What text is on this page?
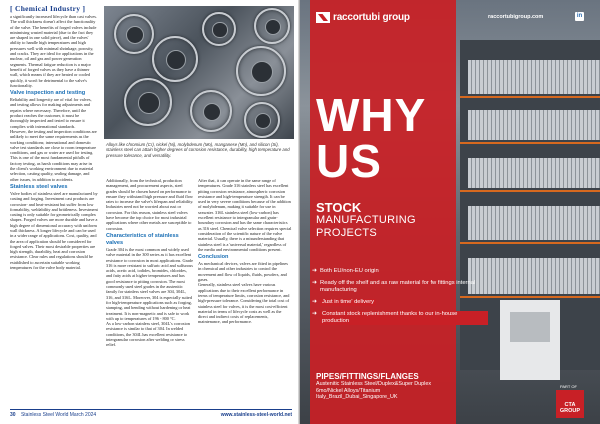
[ Chemical Industry ]

a significantly increased lifecycle than cast valves. The wall thickness doesn't affect the functionality of the valve. The benefits of forged valves include minimising wasted material (due to the fact they are shaped in one solid piece), and the valves' ability to handle high temperatures and high pressures well with minimal shrinkage, porosity, and cracks. They are ideal for applications in the nuclear, oil and gas and power generation segments. Thermal fatigue reduction is a major benefit of forged valves as they have a thinner wall, which means if they are heated or cooled quickly, it won't be detrimental to the valve's functionality.

Valve inspection and testing

Reliability and longevity are of vital for valves, and testing allows for making adjustments and repairs where necessary. Therefore, until the product reaches the customer, it must be thoroughly inspected and tested to ensure it complies with international standards.

However, the testing and inspection conditions are unlikely to meet the same requirements as the working conditions; international and domestic valve test standards are close to room temperature conditions, and gas or water are used for testing. This is one of the most fundamental pitfalls of factory testing, as harsh conditions may arise in the client's working environment due to material selection, casting quality, sealing damage, and other issues, in addition to accidents.

Stainless steel valves

Valve bodies of stainless steel are manufactured by casting and forging. Investment cast products are corrosion- and heat-resistant but suffer from low formability, weldability and brittleness. Investment casting is only suitable for geometrically complex shapes. Forged valves are more durable and have a high degree of dimensional accuracy with uniform wall thickness. A longer lifecycle and can be used in a wider range of applications. Cost, quality, and the area of application should be considered for forged valves. Their most desirable properties are high strength, durability, heat and corrosion resistance. Clear rules and regulations should be established to ascertain suitable working temperatures for the valve body material.

Alloys like chromium (Cr), nickel (Ni), molybdenum (Mo), manganese (Mn), and silicon (Si), stainless steel can attain higher degrees of corrosion resistance, durability, high temperature and pressure tolerance, and versatility.

Additionally, from the technical, production management, and procurement aspects, steel grades should be chosen based on performance to ensure they withstand high pressure and fluid flow rates to increase the valve's lifespan and reliability. Industries need not be worried about rust or corrosion. For this reason, stainless steel valves have become the top choice for most industrial applications where other metals are susceptible to corrosion.

Characteristics of stainless valves

Grade 304 is the most common and widely used valve material in the 300 series as it has excellent resistance to corrosion in most applications. Grade 316 is more resistant to sulfuric acid and sulfurous acids, acetic acid, iodides, bromides, chlorides, and fatty acids at higher temperatures and has good resistance to pitting corrosion. The most commonly used steel grades in the austenitic family for stainless steel valves are 304, 304L, 316, and 316L. Moreover, 304 is especially suited for high-temperature applications such as forging, stamping, and bending without hardening or heat treatment. It is non-magnetic and is safe to work with up to temperatures of 196 - 800 °C.

As a low-carbon stainless steel, 304L's corrosion resistance is similar to that of 304. In welded conditions, the 304L has excellent resistance to intergranular corrosion after welding or stress relief.

After that, it can operate in the same range of temperatures. Grade 316 stainless steel has excellent pitting corrosion resistance, atmospheric corrosion resistance and high-temperature strength. It can be used in very severe conditions because of the addition of molybdenum, making it suitable for use in seawater. 316L stainless steel (low-carbon) has excellent resistance to intergranular and grain-boundary corrosion and has the same characteristics as 316 steel. Chemical valve selection requires special consideration of the scientific nature of the valve material. Usually, there is a misunderstanding that stainless steel is a 'universal material,' regardless of the media and environmental conditions present.

Conclusion

As mechanical devices, valves are fitted in pipelines in chemical and other industries to control the movement and flow of liquids, fluids, powders, and gases.

Generally, stainless steel valves have various applications due to their excellent performance in terms of temperature limits, corrosion resistance, and high-pressure tolerance. Considering the total cost of stainless steel for valves, it is the most cost-efficient material in terms of lifecycle costs as well as the direct and indirect costs of replacements, maintenance, and performance.

30 Stainless Steel World March 2024	www.stainless-steel-world.net
raccortubi group	raccortubigroup.com	in
WHY
US
STOCK
MANUFACTURING
PROJECTS
➜ Both EU/non-EU origin
➜ Ready off the shelf and as raw material for fw fittings internal manufacturing
➜ Just in time' delivery
➜ Constant stock replenishment thanks to our in-house production
PIPES/FITTINGS/FLANGES
Austenitic Stainless Steel/Duplex&Super Duplex
6mo/Nickel Alloys/Titanium
Italy_Brazil_Dubai_Singapore_UK
PART OF
CTA GROUP
